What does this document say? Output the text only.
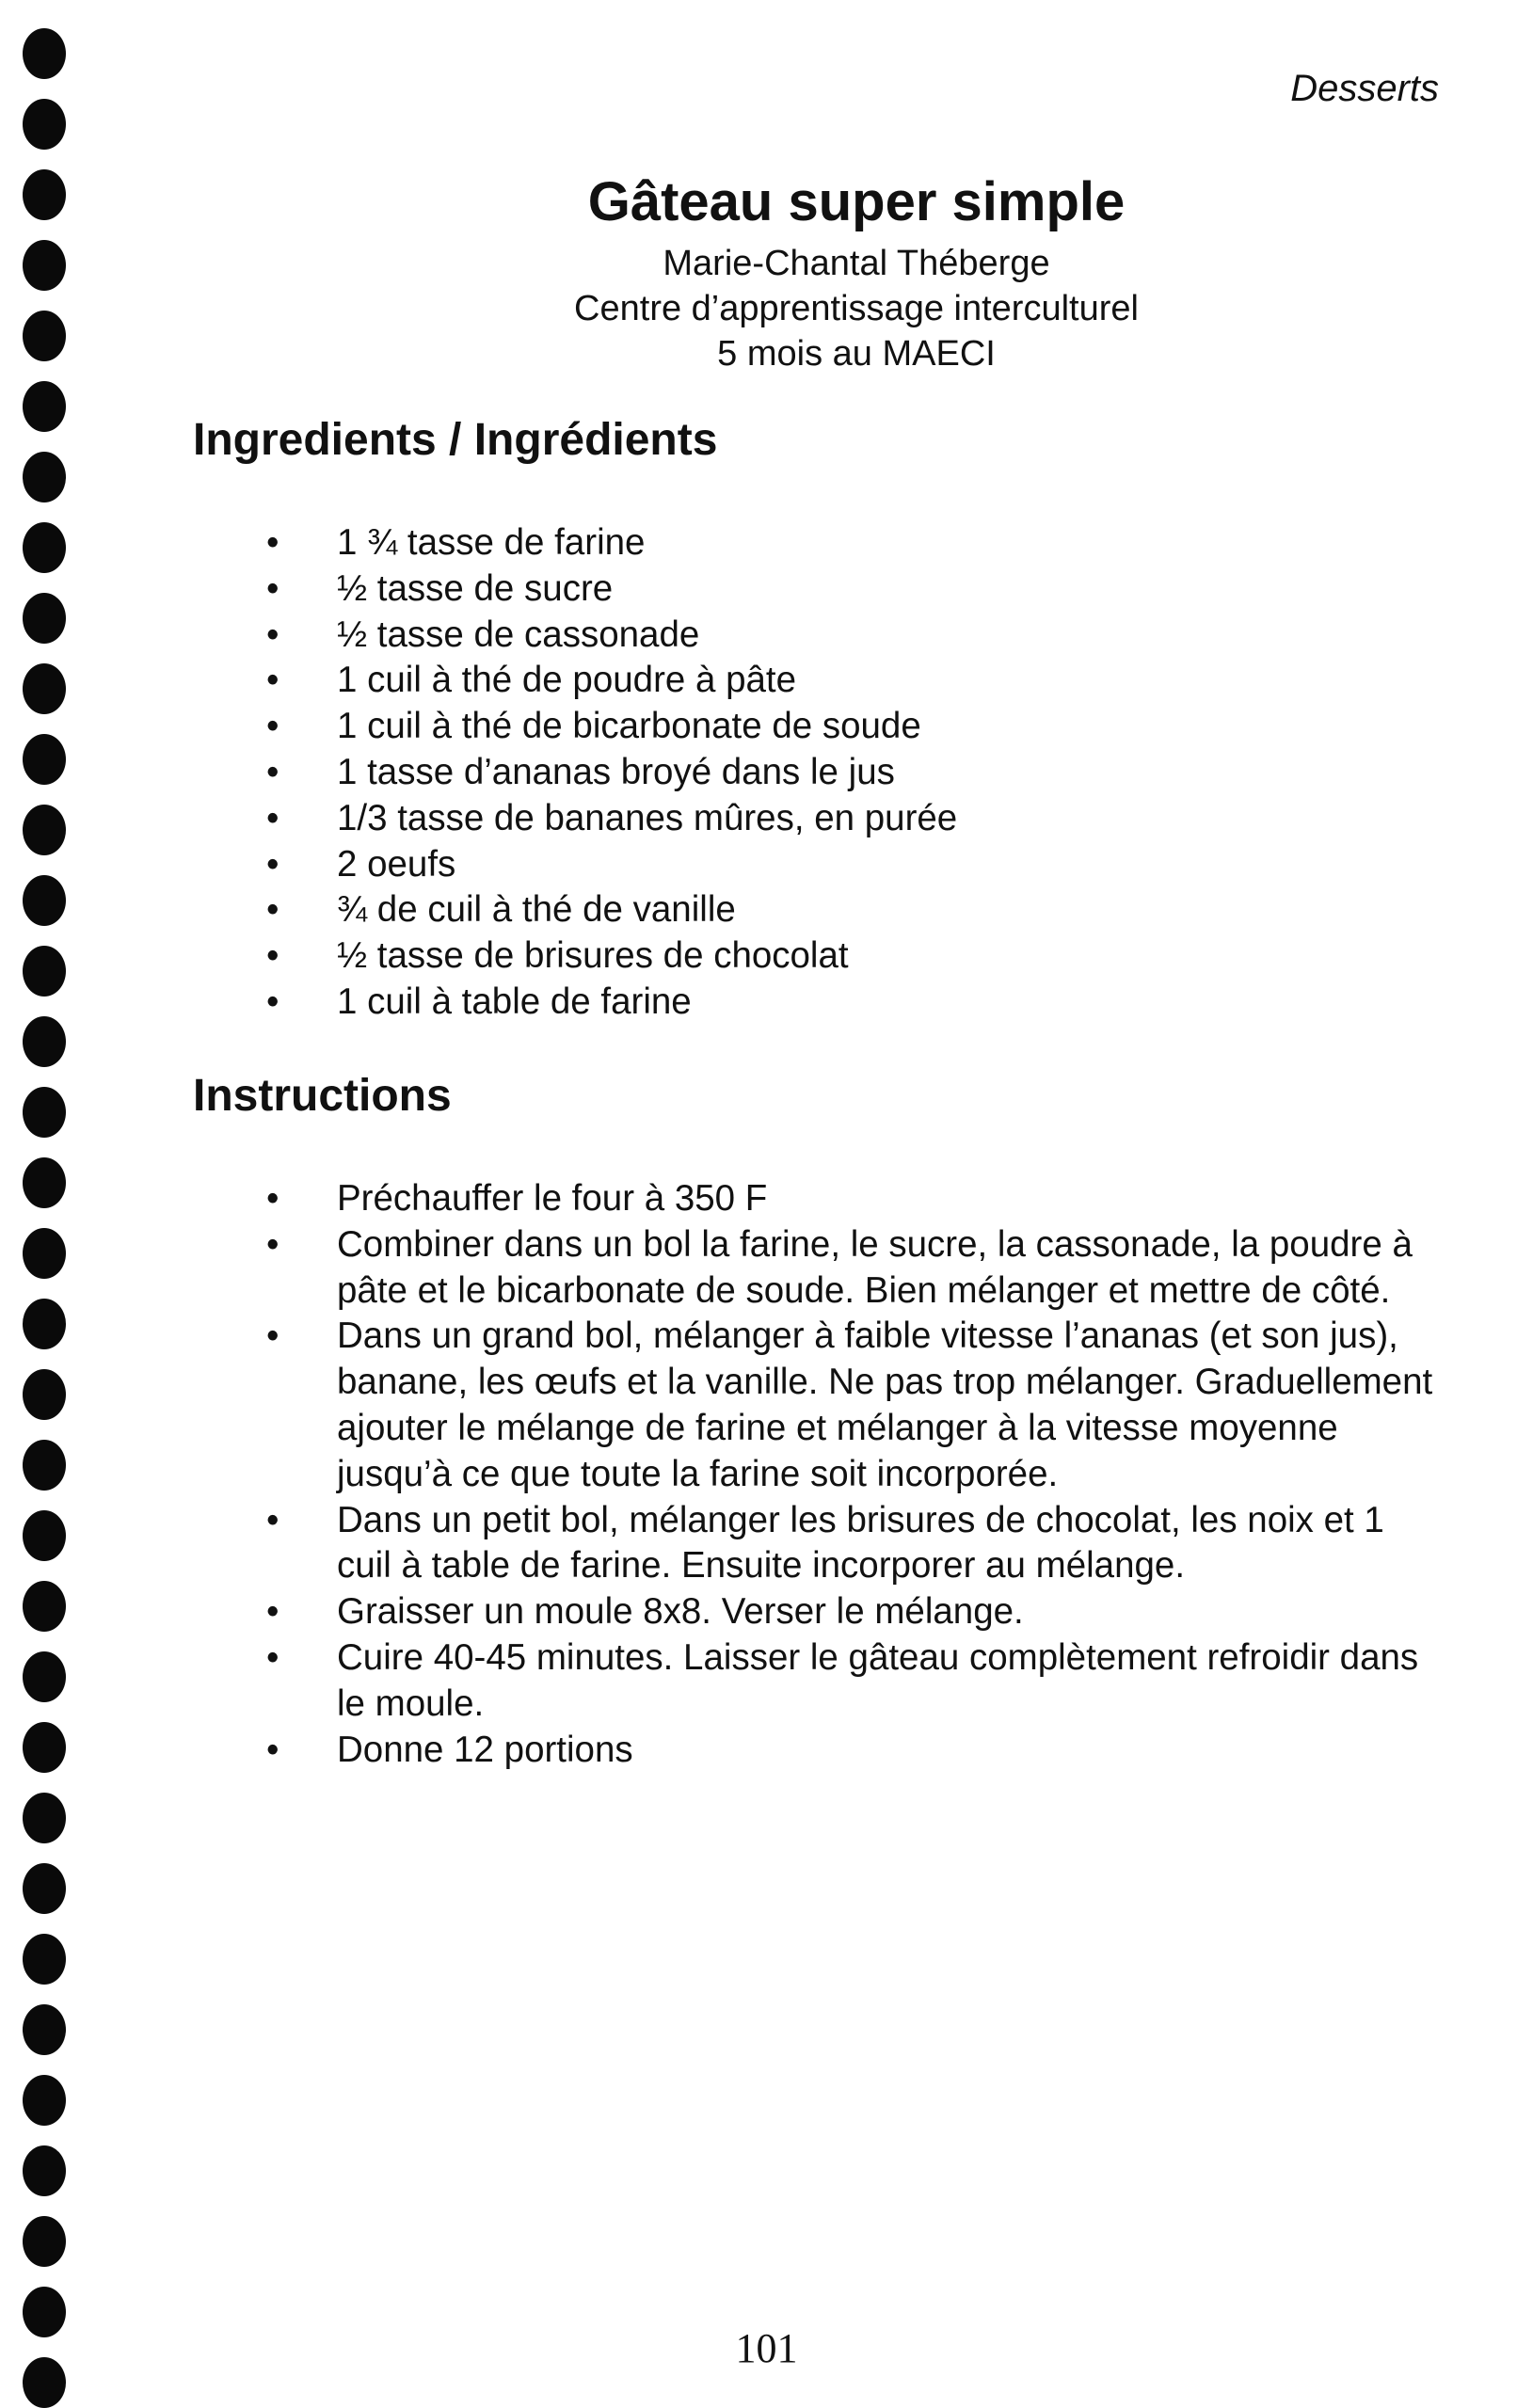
Desserts

Gâteau super simple

Marie-Chantal Théberge

Centre d’apprentissage interculturel

5 mois au MAECI

Ingredients / Ingrédients
• 1 ¾ tasse de farine
• ½ tasse de sucre
• ½ tasse de cassonade
• 1 cuil à thé de poudre à pâte
• 1 cuil à thé de bicarbonate de soude
• 1 tasse d’ananas broyé dans le jus
• 1/3 tasse de bananes mûres, en purée
• 2 oeufs
• ¾ de cuil à thé de vanille
• ½ tasse de brisures de chocolat
• 1 cuil à table de farine
Instructions
• Préchauffer le four à 350 F
• Combiner dans un bol la farine, le sucre, la cassonade, la poudre à pâte et le bicarbonate de soude. Bien mélanger et mettre de côté.
• Dans un grand bol, mélanger à faible vitesse l’ananas (et son jus), banane, les œufs et la vanille. Ne pas trop mélanger. Graduellement ajouter le mélange de farine et mélanger à la vitesse moyenne jusqu’à ce que toute la farine soit incorporée.
• Dans un petit bol, mélanger les brisures de chocolat, les noix et 1 cuil à table de farine. Ensuite incorporer au mélange.
• Graisser un moule 8x8. Verser le mélange.
• Cuire 40-45 minutes. Laisser le gâteau complètement refroidir dans le moule.
• Donne 12 portions

101
